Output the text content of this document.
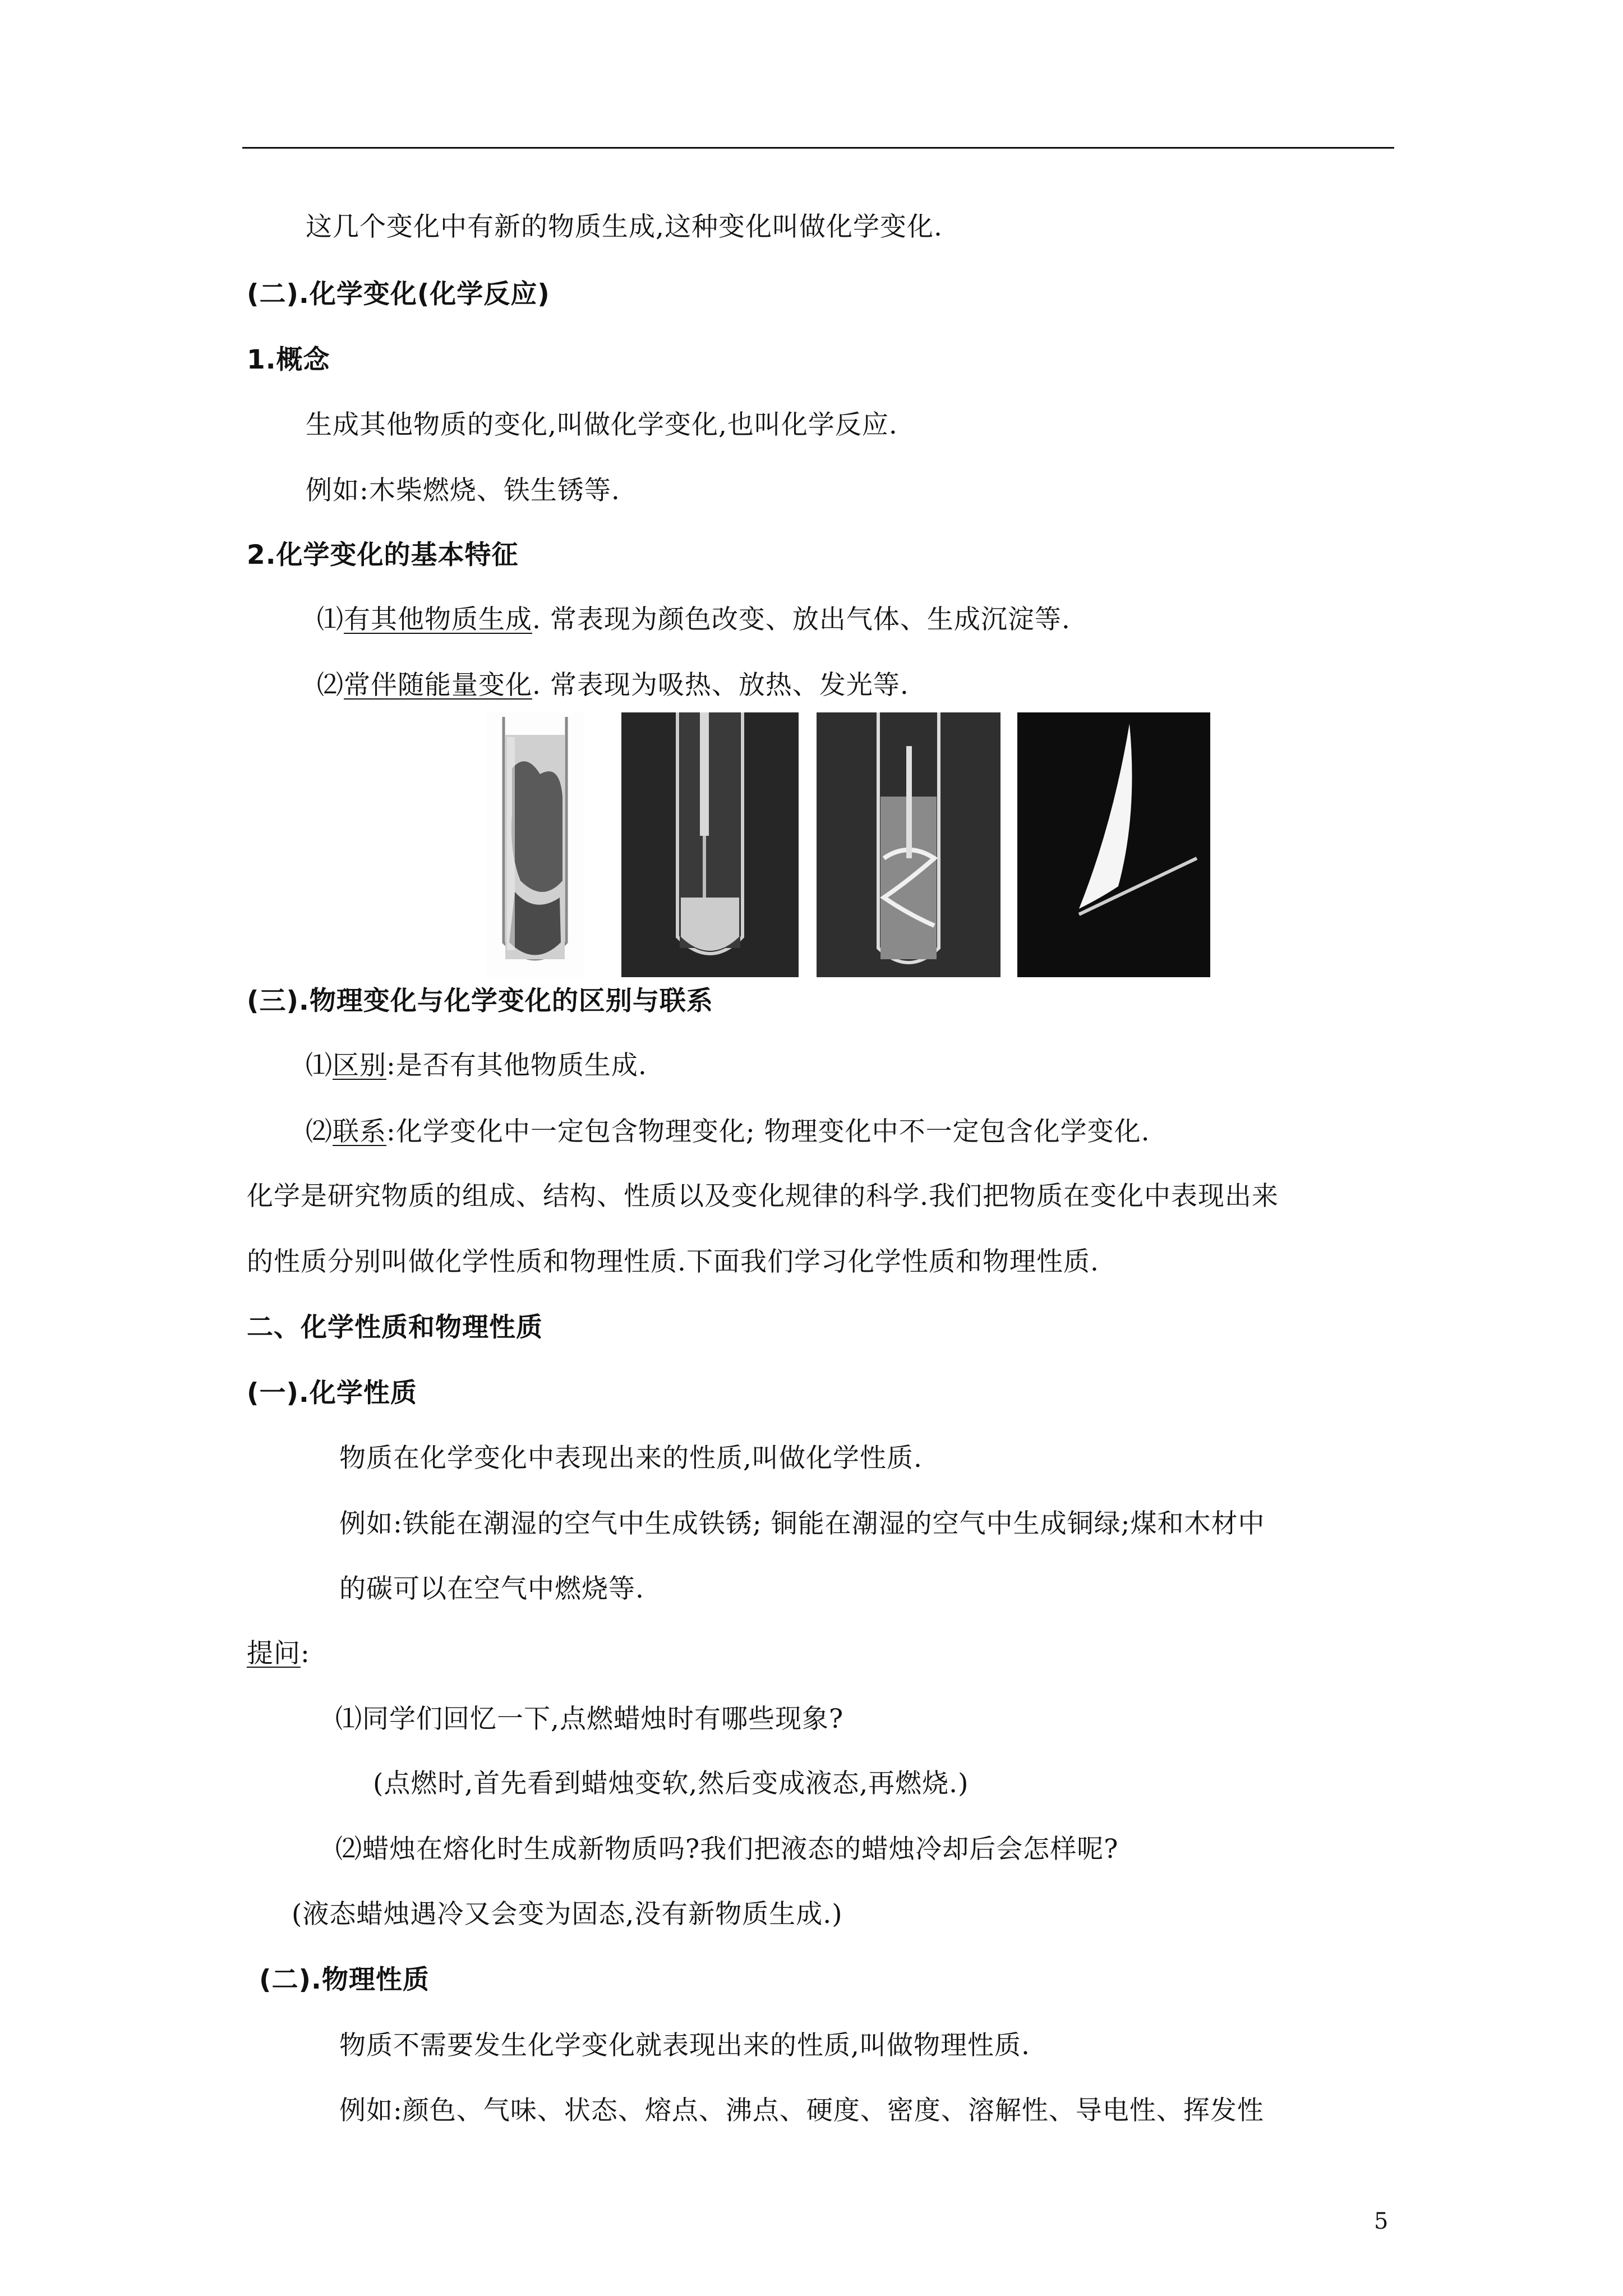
这几个变化中有新的物质生成,这种变化叫做化学变化.
(二).化学变化(化学反应)
1.概念
生成其他物质的变化,叫做化学变化,也叫化学反应.
例如:木柴燃烧、铁生锈等.
2.化学变化的基本特征
⑴有其他物质生成. 常表现为颜色改变、放出气体、生成沉淀等.
⑵常伴随能量变化. 常表现为吸热、放热、发光等.
(三).物理变化与化学变化的区别与联系
⑴区别:是否有其他物质生成.
⑵联系:化学变化中一定包含物理变化; 物理变化中不一定包含化学变化.
化学是研究物质的组成、结构、性质以及变化规律的科学.我们把物质在变化中表现出来
的性质分别叫做化学性质和物理性质.下面我们学习化学性质和物理性质.
二、化学性质和物理性质
(一).化学性质
物质在化学变化中表现出来的性质,叫做化学性质.
例如:铁能在潮湿的空气中生成铁锈; 铜能在潮湿的空气中生成铜绿;煤和木材中
的碳可以在空气中燃烧等.
提问:
⑴同学们回忆一下,点燃蜡烛时有哪些现象?
(点燃时,首先看到蜡烛变软,然后变成液态,再燃烧.)
⑵蜡烛在熔化时生成新物质吗?我们把液态的蜡烛冷却后会怎样呢?
(液态蜡烛遇冷又会变为固态,没有新物质生成.)
(二).物理性质
物质不需要发生化学变化就表现出来的性质,叫做物理性质.
例如:颜色、气味、状态、熔点、沸点、硬度、密度、溶解性、导电性、挥发性
5
